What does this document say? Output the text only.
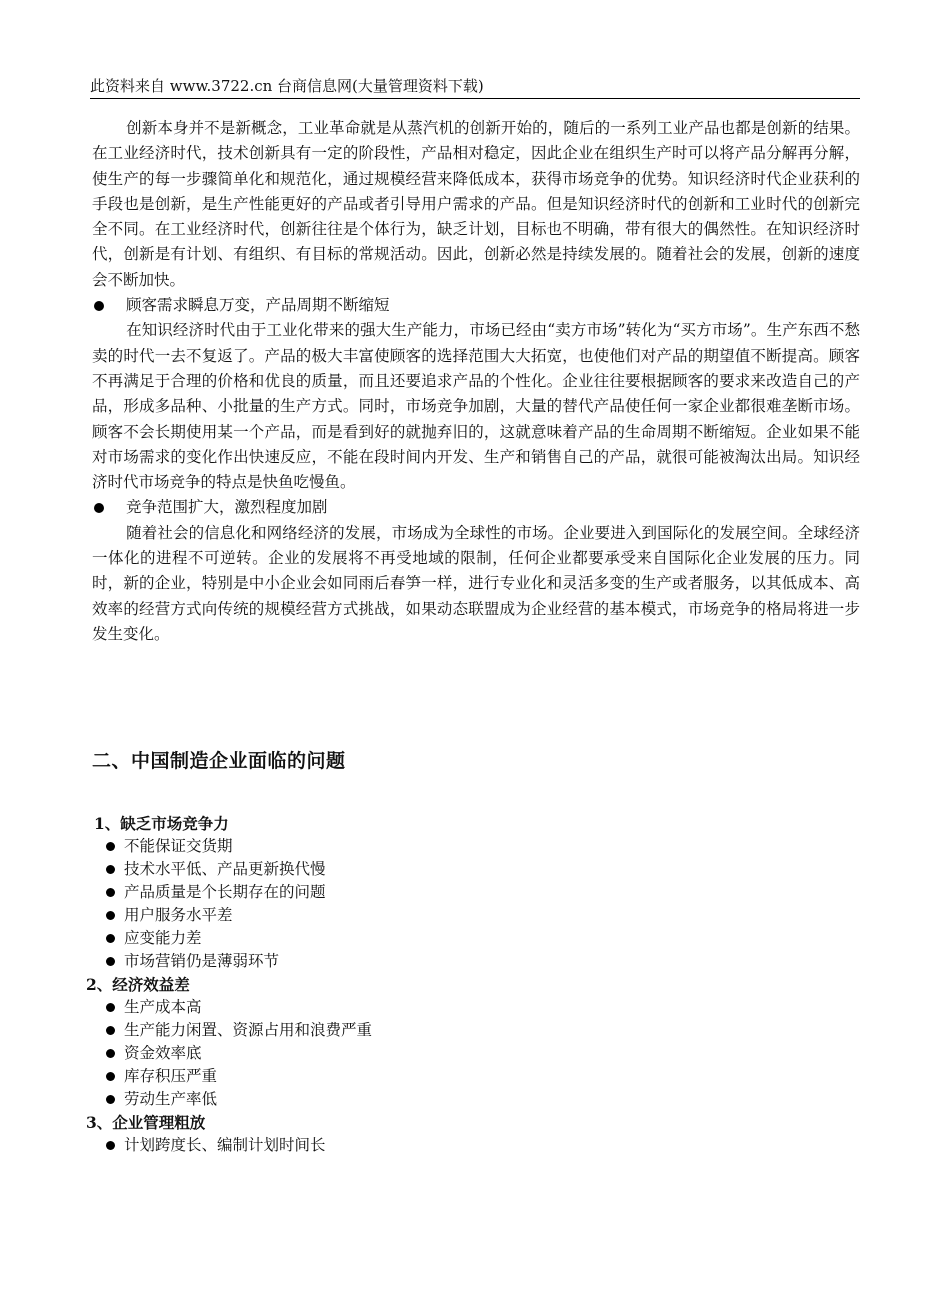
此资料来自 www.3722.cn 台商信息网(大量管理资料下载)

创新本身并不是新概念，工业革命就是从蒸汽机的创新开始的，随后的一系列工业产品也都是创新的结果。在工业经济时代，技术创新具有一定的阶段性，产品相对稳定，因此企业在组织生产时可以将产品分解再分解，使生产的每一步骤简单化和规范化，通过规模经营来降低成本，获得市场竞争的优势。知识经济时代企业获利的手段也是创新，是生产性能更好的产品或者引导用户需求的产品。但是知识经济时代的创新和工业时代的创新完全不同。在工业经济时代，创新往往是个体行为，缺乏计划，目标也不明确，带有很大的偶然性。在知识经济时代，创新是有计划、有组织、有目标的常规活动。因此，创新必然是持续发展的。随着社会的发展，创新的速度会不断加快。

顾客需求瞬息万变，产品周期不断缩短

在知识经济时代由于工业化带来的强大生产能力，市场已经由“卖方市场”转化为“买方市场”。生产东西不愁卖的时代一去不复返了。产品的极大丰富使顾客的选择范围大大拓宽，也使他们对产品的期望值不断提高。顾客不再满足于合理的价格和优良的质量，而且还要追求产品的个性化。企业往往要根据顾客的要求来改造自己的产品，形成多品种、小批量的生产方式。同时，市场竞争加剧，大量的替代产品使任何一家企业都很难垄断市场。顾客不会长期使用某一个产品，而是看到好的就抛弃旧的，这就意味着产品的生命周期不断缩短。企业如果不能对市场需求的变化作出快速反应，不能在段时间内开发、生产和销售自己的产品，就很可能被淘汰出局。知识经济时代市场竞争的特点是快鱼吃慢鱼。

竞争范围扩大，激烈程度加剧

随着社会的信息化和网络经济的发展，市场成为全球性的市场。企业要进入到国际化的发展空间。全球经济一体化的进程不可逆转。企业的发展将不再受地域的限制，任何企业都要承受来自国际化企业发展的压力。同时，新的企业，特别是中小企业会如同雨后春笋一样，进行专业化和灵活多变的生产或者服务，以其低成本、高效率的经营方式向传统的规模经营方式挑战，如果动态联盟成为企业经营的基本模式，市场竞争的格局将进一步发生变化。

二、中国制造企业面临的问题
1、缺乏市场竞争力
不能保证交货期
技术水平低、产品更新换代慢
产品质量是个长期存在的问题
用户服务水平差
应变能力差
市场营销仍是薄弱环节
2、经济效益差
生产成本高
生产能力闲置、资源占用和浪费严重
资金效率底
库存积压严重
劳动生产率低
3、企业管理粗放
计划跨度长、编制计划时间长
